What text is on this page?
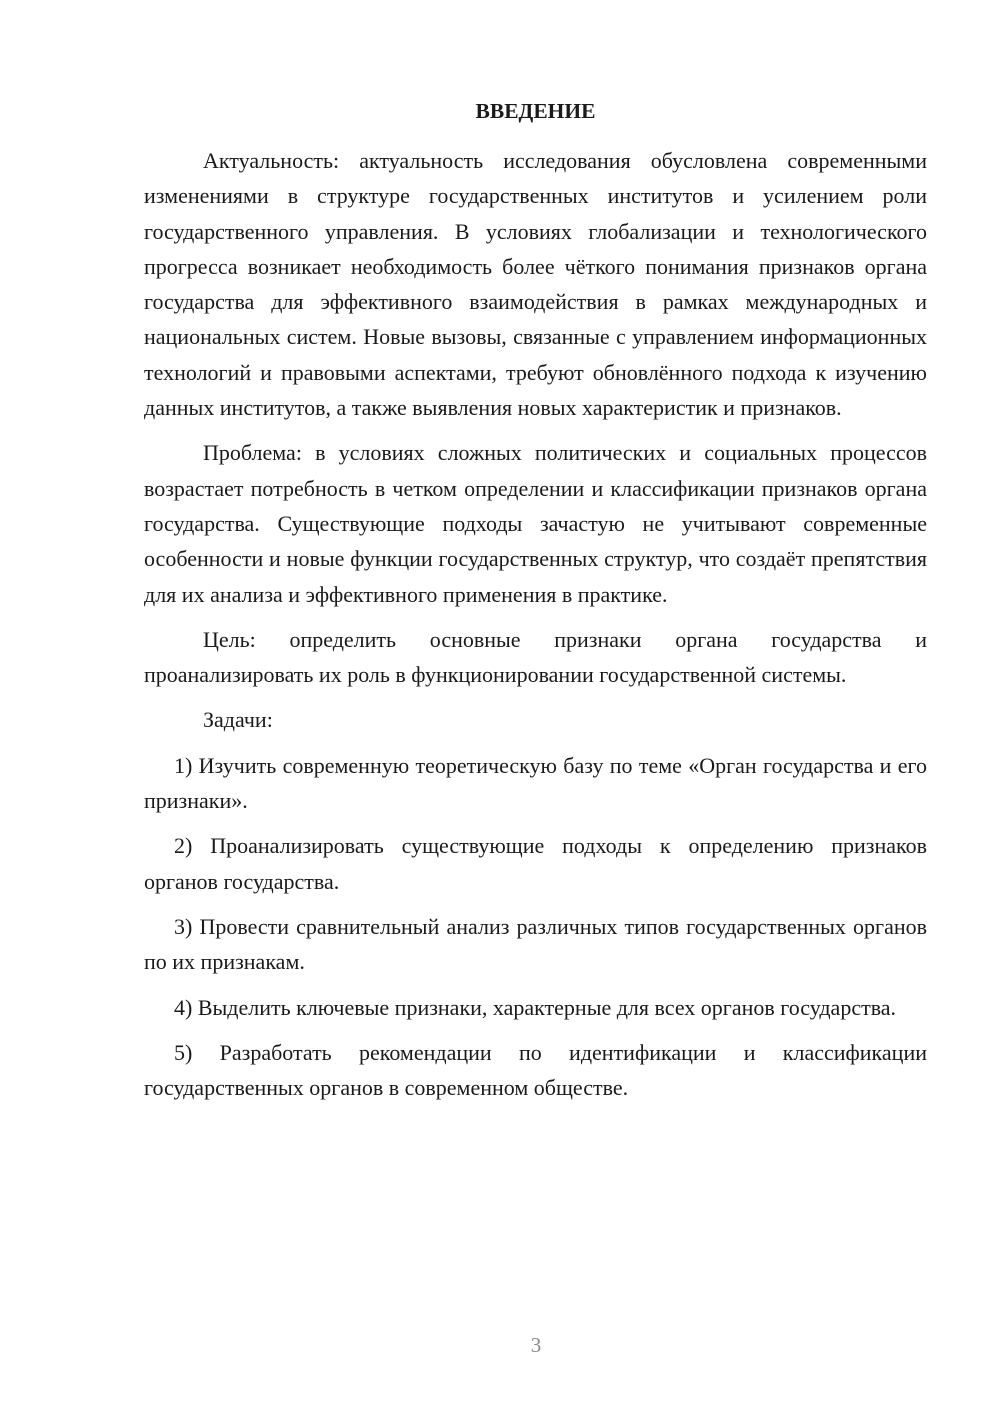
ВВЕДЕНИЕ

Актуальность: актуальность исследования обусловлена современными изменениями в структуре государственных институтов и усилением роли государственного управления. В условиях глобализации и технологического прогресса возникает необходимость более чёткого понимания признаков органа государства для эффективного взаимодействия в рамках международных и национальных систем. Новые вызовы, связанные с управлением информационных технологий и правовыми аспектами, требуют обновлённого подхода к изучению данных институтов, а также выявления новых характеристик и признаков.

Проблема: в условиях сложных политических и социальных процессов возрастает потребность в четком определении и классификации признаков органа государства. Существующие подходы зачастую не учитывают современные особенности и новые функции государственных структур, что создаёт препятствия для их анализа и эффективного применения в практике.

Цель: определить основные признаки органа государства и проанализировать их роль в функционировании государственной системы.

Задачи:

1) Изучить современную теоретическую базу по теме «Орган государства и его признаки».

2) Проанализировать существующие подходы к определению признаков органов государства.

3) Провести сравнительный анализ различных типов государственных органов по их признакам.

4) Выделить ключевые признаки, характерные для всех органов государства.

5) Разработать рекомендации по идентификации и классификации государственных органов в современном обществе.

3
